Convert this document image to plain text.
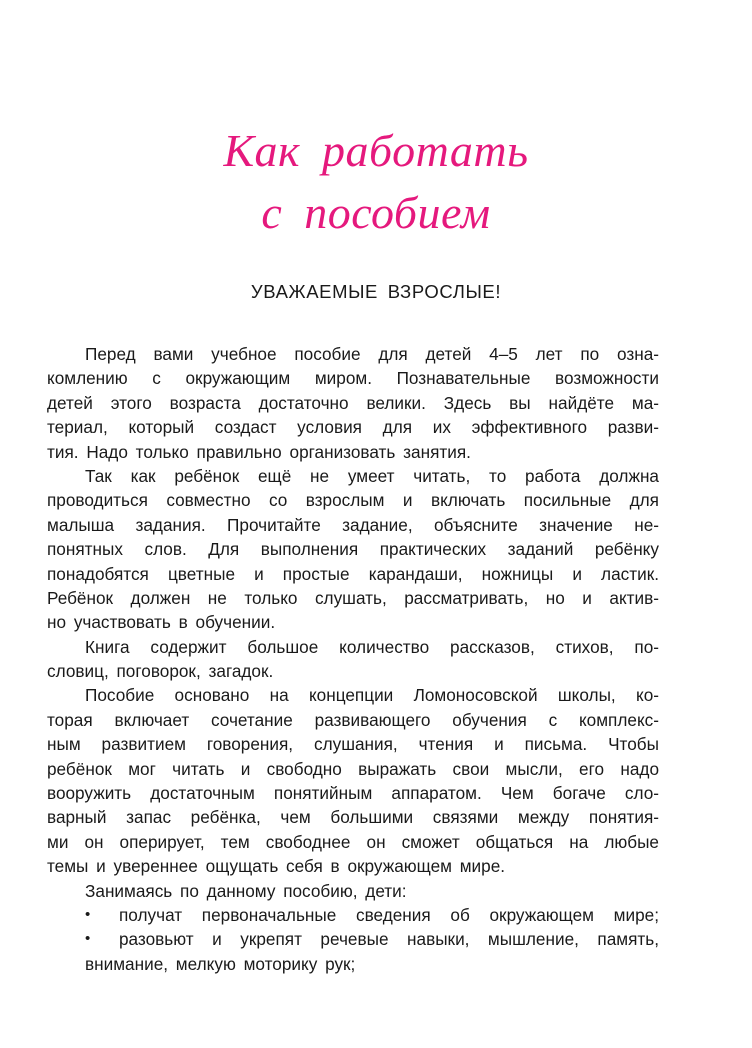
Как работать
с пособием
УВАЖАЕМЫЕ ВЗРОСЛЫЕ!
Перед вами учебное пособие для детей 4–5 лет по озна-
комлению с окружающим миром. Познавательные возможности
детей этого возраста достаточно велики. Здесь вы найдёте ма-
териал, который создаст условия для их эффективного разви-
тия. Надо только правильно организовать занятия.
Так как ребёнок ещё не умеет читать, то работа должна
проводиться совместно со взрослым и включать посильные для
малыша задания. Прочитайте задание, объясните значение не-
понятных слов. Для выполнения практических заданий ребёнку
понадобятся цветные и простые карандаши, ножницы и ластик.
Ребёнок должен не только слушать, рассматривать, но и актив-
но участвовать в обучении.
Книга содержит большое количество рассказов, стихов, по-
словиц, поговорок, загадок.
Пособие основано на концепции Ломоносовской школы, ко-
торая включает сочетание развивающего обучения с комплекс-
ным развитием говорения, слушания, чтения и письма. Чтобы
ребёнок мог читать и свободно выражать свои мысли, его надо
вооружить достаточным понятийным аппаратом. Чем богаче сло-
варный запас ребёнка, чем большими связями между понятия-
ми он оперирует, тем свободнее он сможет общаться на любые
темы и увереннее ощущать себя в окружающем мире.
Занимаясь по данному пособию, дети:
•	получат первоначальные сведения об окружающем мире;
•	разовьют и укрепят речевые навыки, мышление, память,
внимание, мелкую моторику рук;
